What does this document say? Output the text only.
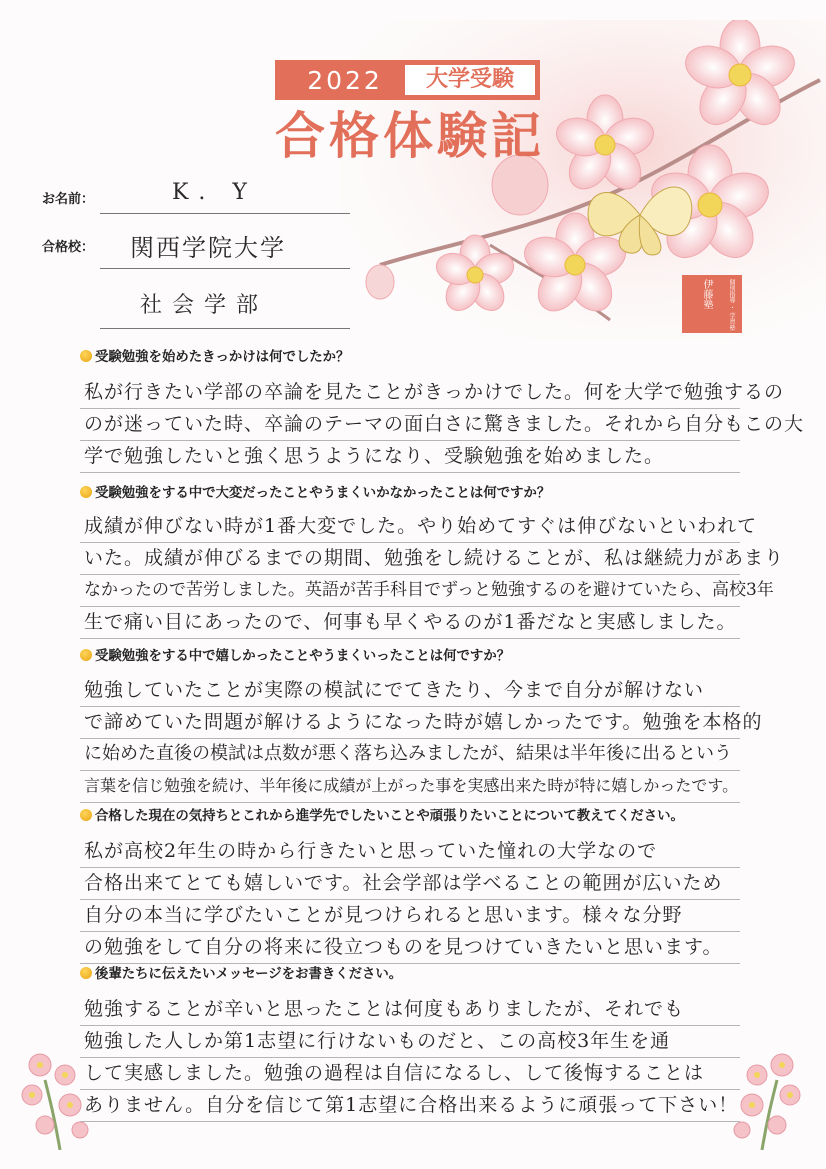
2022	大学受験
合格体験記
伊藤塾	個別指導 ・ 学習塾
お名前：	K. Y
合格校： 関西学院大学
社会学部
受験勉強を始めたきっかけは何でしたか？
私が行きたい学部の卒論を見たことがきっかけでした。何を大学で勉強するの
のが迷っていた時、卒論のテーマの面白さに驚きました。それから自分もこの大
学で勉強したいと強く思うようになり、受験勉強を始めました。
受験勉強をする中で大変だったことやうまくいかなかったことは何ですか？
成績が伸びない時が1番大変でした。やり始めてすぐは伸びないといわれて
いた。成績が伸びるまでの期間、勉強をし続けることが、私は継続力があまり
なかったので苦労しました。英語が苦手科目でずっと勉強するのを避けていたら、高校3年
生で痛い目にあったので、何事も早くやるのが1番だなと実感しました。
受験勉強をする中で嬉しかったことやうまくいったことは何ですか？
勉強していたことが実際の模試にでてきたり、今まで自分が解けない
で諦めていた問題が解けるようになった時が嬉しかったです。勉強を本格的
に始めた直後の模試は点数が悪く落ち込みましたが、結果は半年後に出るという
言葉を信じ勉強を続け、半年後に成績が上がった事を実感出来た時が特に嬉しかったです。
合格した現在の気持ちとこれから進学先でしたいことや頑張りたいことについて教えてください。
私が高校2年生の時から行きたいと思っていた憧れの大学なので
合格出来てとても嬉しいです。社会学部は学べることの範囲が広いため
自分の本当に学びたいことが見つけられると思います。様々な分野
の勉強をして自分の将来に役立つものを見つけていきたいと思います。
後輩たちに伝えたいメッセージをお書きください。
勉強することが辛いと思ったことは何度もありましたが、それでも
勉強した人しか第1志望に行けないものだと、この高校3年生を通
して実感しました。勉強の過程は自信になるし、して後悔することは
ありません。自分を信じて第1志望に合格出来るように頑張って下さい！
